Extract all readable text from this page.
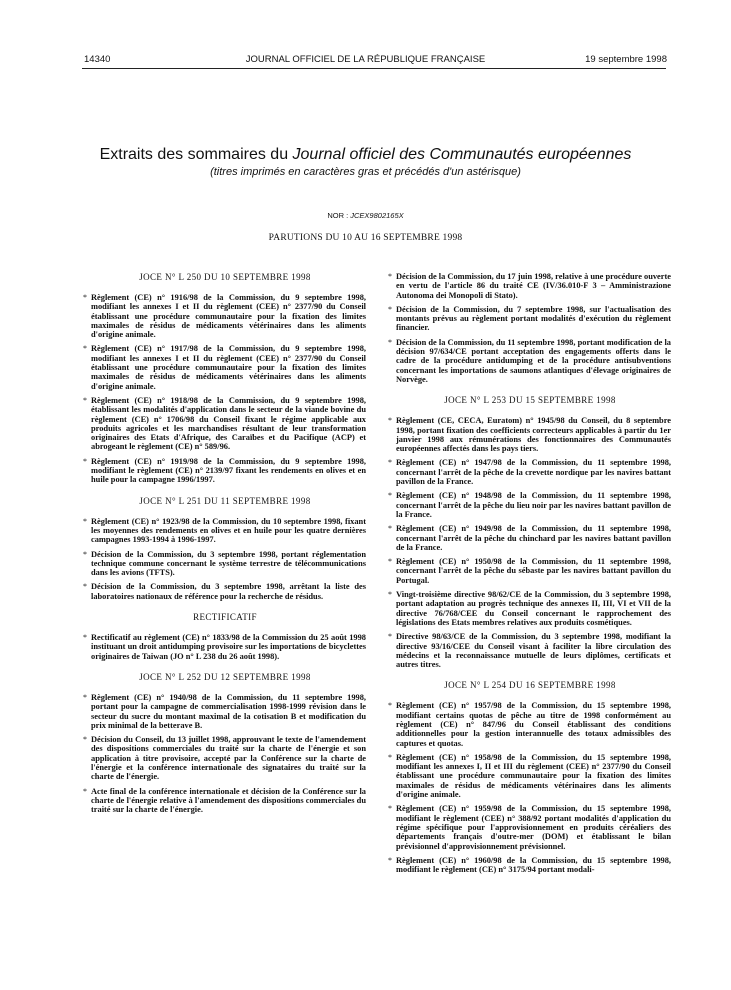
14340	JOURNAL OFFICIEL DE LA RÉPUBLIQUE FRANÇAISE	19 septembre 1998
Extraits des sommaires du Journal officiel des Communautés européennes
(titres imprimés en caractères gras et précédés d'un astérisque)
NOR : JCEX9802165X
PARUTIONS DU 10 AU 16 SEPTEMBRE 1998
JOCE N° L 250 DU 10 SEPTEMBRE 1998
* Règlement (CE) n° 1916/98 de la Commission, du 9 septembre 1998, modifiant les annexes I et II du règlement (CEE) n° 2377/90 du Conseil établissant une procédure communautaire pour la fixation des limites maximales de résidus de médicaments vétérinaires dans les aliments d'origine animale.
* Règlement (CE) n° 1917/98 de la Commission, du 9 septembre 1998, modifiant les annexes I et II du règlement (CEE) n° 2377/90 du Conseil établissant une procédure communautaire pour la fixation des limites maximales de résidus de médicaments vétérinaires dans les aliments d'origine animale.
* Règlement (CE) n° 1918/98 de la Commission, du 9 septembre 1998, établissant les modalités d'application dans le secteur de la viande bovine du règlement (CE) n° 1706/98 du Conseil fixant le régime applicable aux produits agricoles et les marchandises résultant de leur transformation originaires des Etats d'Afrique, des Caraïbes et du Pacifique (ACP) et abrogeant le règlement (CE) n° 589/96.
* Règlement (CE) n° 1919/98 de la Commission, du 9 septembre 1998, modifiant le règlement (CE) n° 2139/97 fixant les rendements en olives et en huile pour la campagne 1996/1997.
JOCE N° L 251 DU 11 SEPTEMBRE 1998
* Règlement (CE) n° 1923/98 de la Commission, du 10 septembre 1998, fixant les moyennes des rendements en olives et en huile pour les quatre dernières campagnes 1993-1994 à 1996-1997.
* Décision de la Commission, du 3 septembre 1998, portant réglementation technique commune concernant le système terrestre de télécommunications dans les avions (TFTS).
* Décision de la Commission, du 3 septembre 1998, arrêtant la liste des laboratoires nationaux de référence pour la recherche de résidus.
RECTIFICATIF
* Rectificatif au règlement (CE) n° 1833/98 de la Commission du 25 août 1998 instituant un droit antidumping provisoire sur les importations de bicyclettes originaires de Taiwan (JO n° L 238 du 26 août 1998).
JOCE N° L 252 DU 12 SEPTEMBRE 1998
* Règlement (CE) n° 1940/98 de la Commission, du 11 septembre 1998, portant pour la campagne de commercialisation 1998-1999 révision dans le secteur du sucre du montant maximal de la cotisation B et modification du prix minimal de la betterave B.
* Décision du Conseil, du 13 juillet 1998, approuvant le texte de l'amendement des dispositions commerciales du traité sur la charte de l'énergie et son application à titre provisoire, accepté par la Conférence sur la charte de l'énergie et la conférence internationale des signataires du traité sur la charte de l'énergie.
* Acte final de la conférence internationale et décision de la Conférence sur la charte de l'énergie relative à l'amendement des dispositions commerciales du traité sur la charte de l'énergie.
* Décision de la Commission, du 17 juin 1998, relative à une procédure ouverte en vertu de l'article 86 du traité CE (IV/36.010-F 3 – Amministrazione Autonoma dei Monopoli di Stato).
* Décision de la Commission, du 7 septembre 1998, sur l'actualisation des montants prévus au règlement portant modalités d'exécution du règlement financier.
* Décision de la Commission, du 11 septembre 1998, portant modification de la décision 97/634/CE portant acceptation des engagements offerts dans le cadre de la procédure antidumping et de la procédure antisubventions concernant les importations de saumons atlantiques d'élevage originaires de Norvège.
JOCE N° L 253 DU 15 SEPTEMBRE 1998
* Règlement (CE, CECA, Euratom) n° 1945/98 du Conseil, du 8 septembre 1998, portant fixation des coefficients correcteurs applicables à partir du 1er janvier 1998 aux rémunérations des fonctionnaires des Communautés européennes affectés dans les pays tiers.
* Règlement (CE) n° 1947/98 de la Commission, du 11 septembre 1998, concernant l'arrêt de la pêche de la crevette nordique par les navires battant pavillon de la France.
* Règlement (CE) n° 1948/98 de la Commission, du 11 septembre 1998, concernant l'arrêt de la pêche du lieu noir par les navires battant pavillon de la France.
* Règlement (CE) n° 1949/98 de la Commission, du 11 septembre 1998, concernant l'arrêt de la pêche du chinchard par les navires battant pavillon de la France.
* Règlement (CE) n° 1950/98 de la Commission, du 11 septembre 1998, concernant l'arrêt de la pêche du sébaste par les navires battant pavillon du Portugal.
* Vingt-troisième directive 98/62/CE de la Commission, du 3 septembre 1998, portant adaptation au progrès technique des annexes II, III, VI et VII de la directive 76/768/CEE du Conseil concernant le rapprochement des législations des Etats membres relatives aux produits cosmétiques.
* Directive 98/63/CE de la Commission, du 3 septembre 1998, modifiant la directive 93/16/CEE du Conseil visant à faciliter la libre circulation des médecins et la reconnaissance mutuelle de leurs diplômes, certificats et autres titres.
JOCE N° L 254 DU 16 SEPTEMBRE 1998
* Règlement (CE) n° 1957/98 de la Commission, du 15 septembre 1998, modifiant certains quotas de pêche au titre de 1998 conformément au règlement (CE) n° 847/96 du Conseil établissant des conditions additionnelles pour la gestion interannuelle des totaux admissibles des captures et quotas.
* Règlement (CE) n° 1958/98 de la Commission, du 15 septembre 1998, modifiant les annexes I, II et III du règlement (CEE) n° 2377/90 du Conseil établissant une procédure communautaire pour la fixation des limites maximales de résidus de médicaments vétérinaires dans les aliments d'origine animale.
* Règlement (CE) n° 1959/98 de la Commission, du 15 septembre 1998, modifiant le règlement (CEE) n° 388/92 portant modalités d'application du régime spécifique pour l'approvisionnement en produits céréaliers des départements français d'outre-mer (DOM) et établissant le bilan prévisionnel d'approvisionnement prévisionnel.
* Règlement (CE) n° 1960/98 de la Commission, du 15 septembre 1998, modifiant le règlement (CE) n° 3175/94 portant modali-
